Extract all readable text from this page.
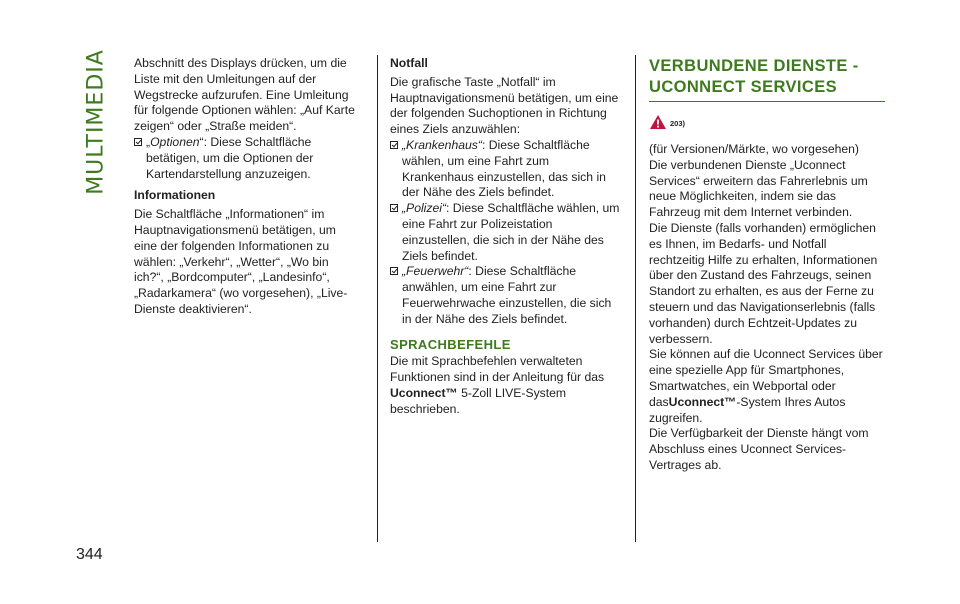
MULTIMEDIA
344

Abschnitt des Displays drücken, um die Liste mit den Umleitungen auf der Wegstrecke aufzurufen. Eine Umleitung für folgende Optionen wählen: „Auf Karte zeigen“ oder „Straße meiden“.

„Optionen“: Diese Schaltfläche betätigen, um die Optionen der Kartendarstellung anzuzeigen.

Informationen

Die Schaltfläche „Informationen“ im Hauptnavigationsmenü betätigen, um eine der folgenden Informationen zu wählen: „Verkehr“, „Wetter“, „Wo bin ich?“, „Bordcomputer“, „Landesinfo“, „Radarkamera“ (wo vorgesehen), „Live-Dienste deaktivieren“.

Notfall

Die grafische Taste „Notfall“ im Hauptnavigationsmenü betätigen, um eine der folgenden Suchoptionen in Richtung eines Ziels anzuwählen:

„Krankenhaus“: Diese Schaltfläche wählen, um eine Fahrt zum Krankenhaus einzustellen, das sich in der Nähe des Ziels befindet.

„Polizei“: Diese Schaltfläche wählen, um eine Fahrt zur Polizeistation einzustellen, die sich in der Nähe des Ziels befindet.

„Feuerwehr“: Diese Schaltfläche anwählen, um eine Fahrt zur Feuerwehrwache einzustellen, die sich in der Nähe des Ziels befindet.

SPRACHBEFEHLE

Die mit Sprachbefehlen verwalteten Funktionen sind in der Anleitung für das Uconnect™ 5-Zoll LIVE-System beschrieben.

VERBUNDENE DIENSTE - UCONNECT SERVICES
203)

(für Versionen/Märkte, wo vorgesehen)

Die verbundenen Dienste „Uconnect Services“ erweitern das Fahrerlebnis um neue Möglichkeiten, indem sie das Fahrzeug mit dem Internet verbinden.

Die Dienste (falls vorhanden) ermöglichen es Ihnen, im Bedarfs- und Notfall rechtzeitig Hilfe zu erhalten, Informationen über den Zustand des Fahrzeugs, seinen Standort zu erhalten, es aus der Ferne zu steuern und das Navigationserlebnis (falls vorhanden) durch Echtzeit-Updates zu verbessern.

Sie können auf die Uconnect Services über eine spezielle App für Smartphones, Smartwatches, ein Webportal oder dasUconnect™-System Ihres Autos zugreifen.

Die Verfügbarkeit der Dienste hängt vom Abschluss eines Uconnect Services-Vertrages ab.
